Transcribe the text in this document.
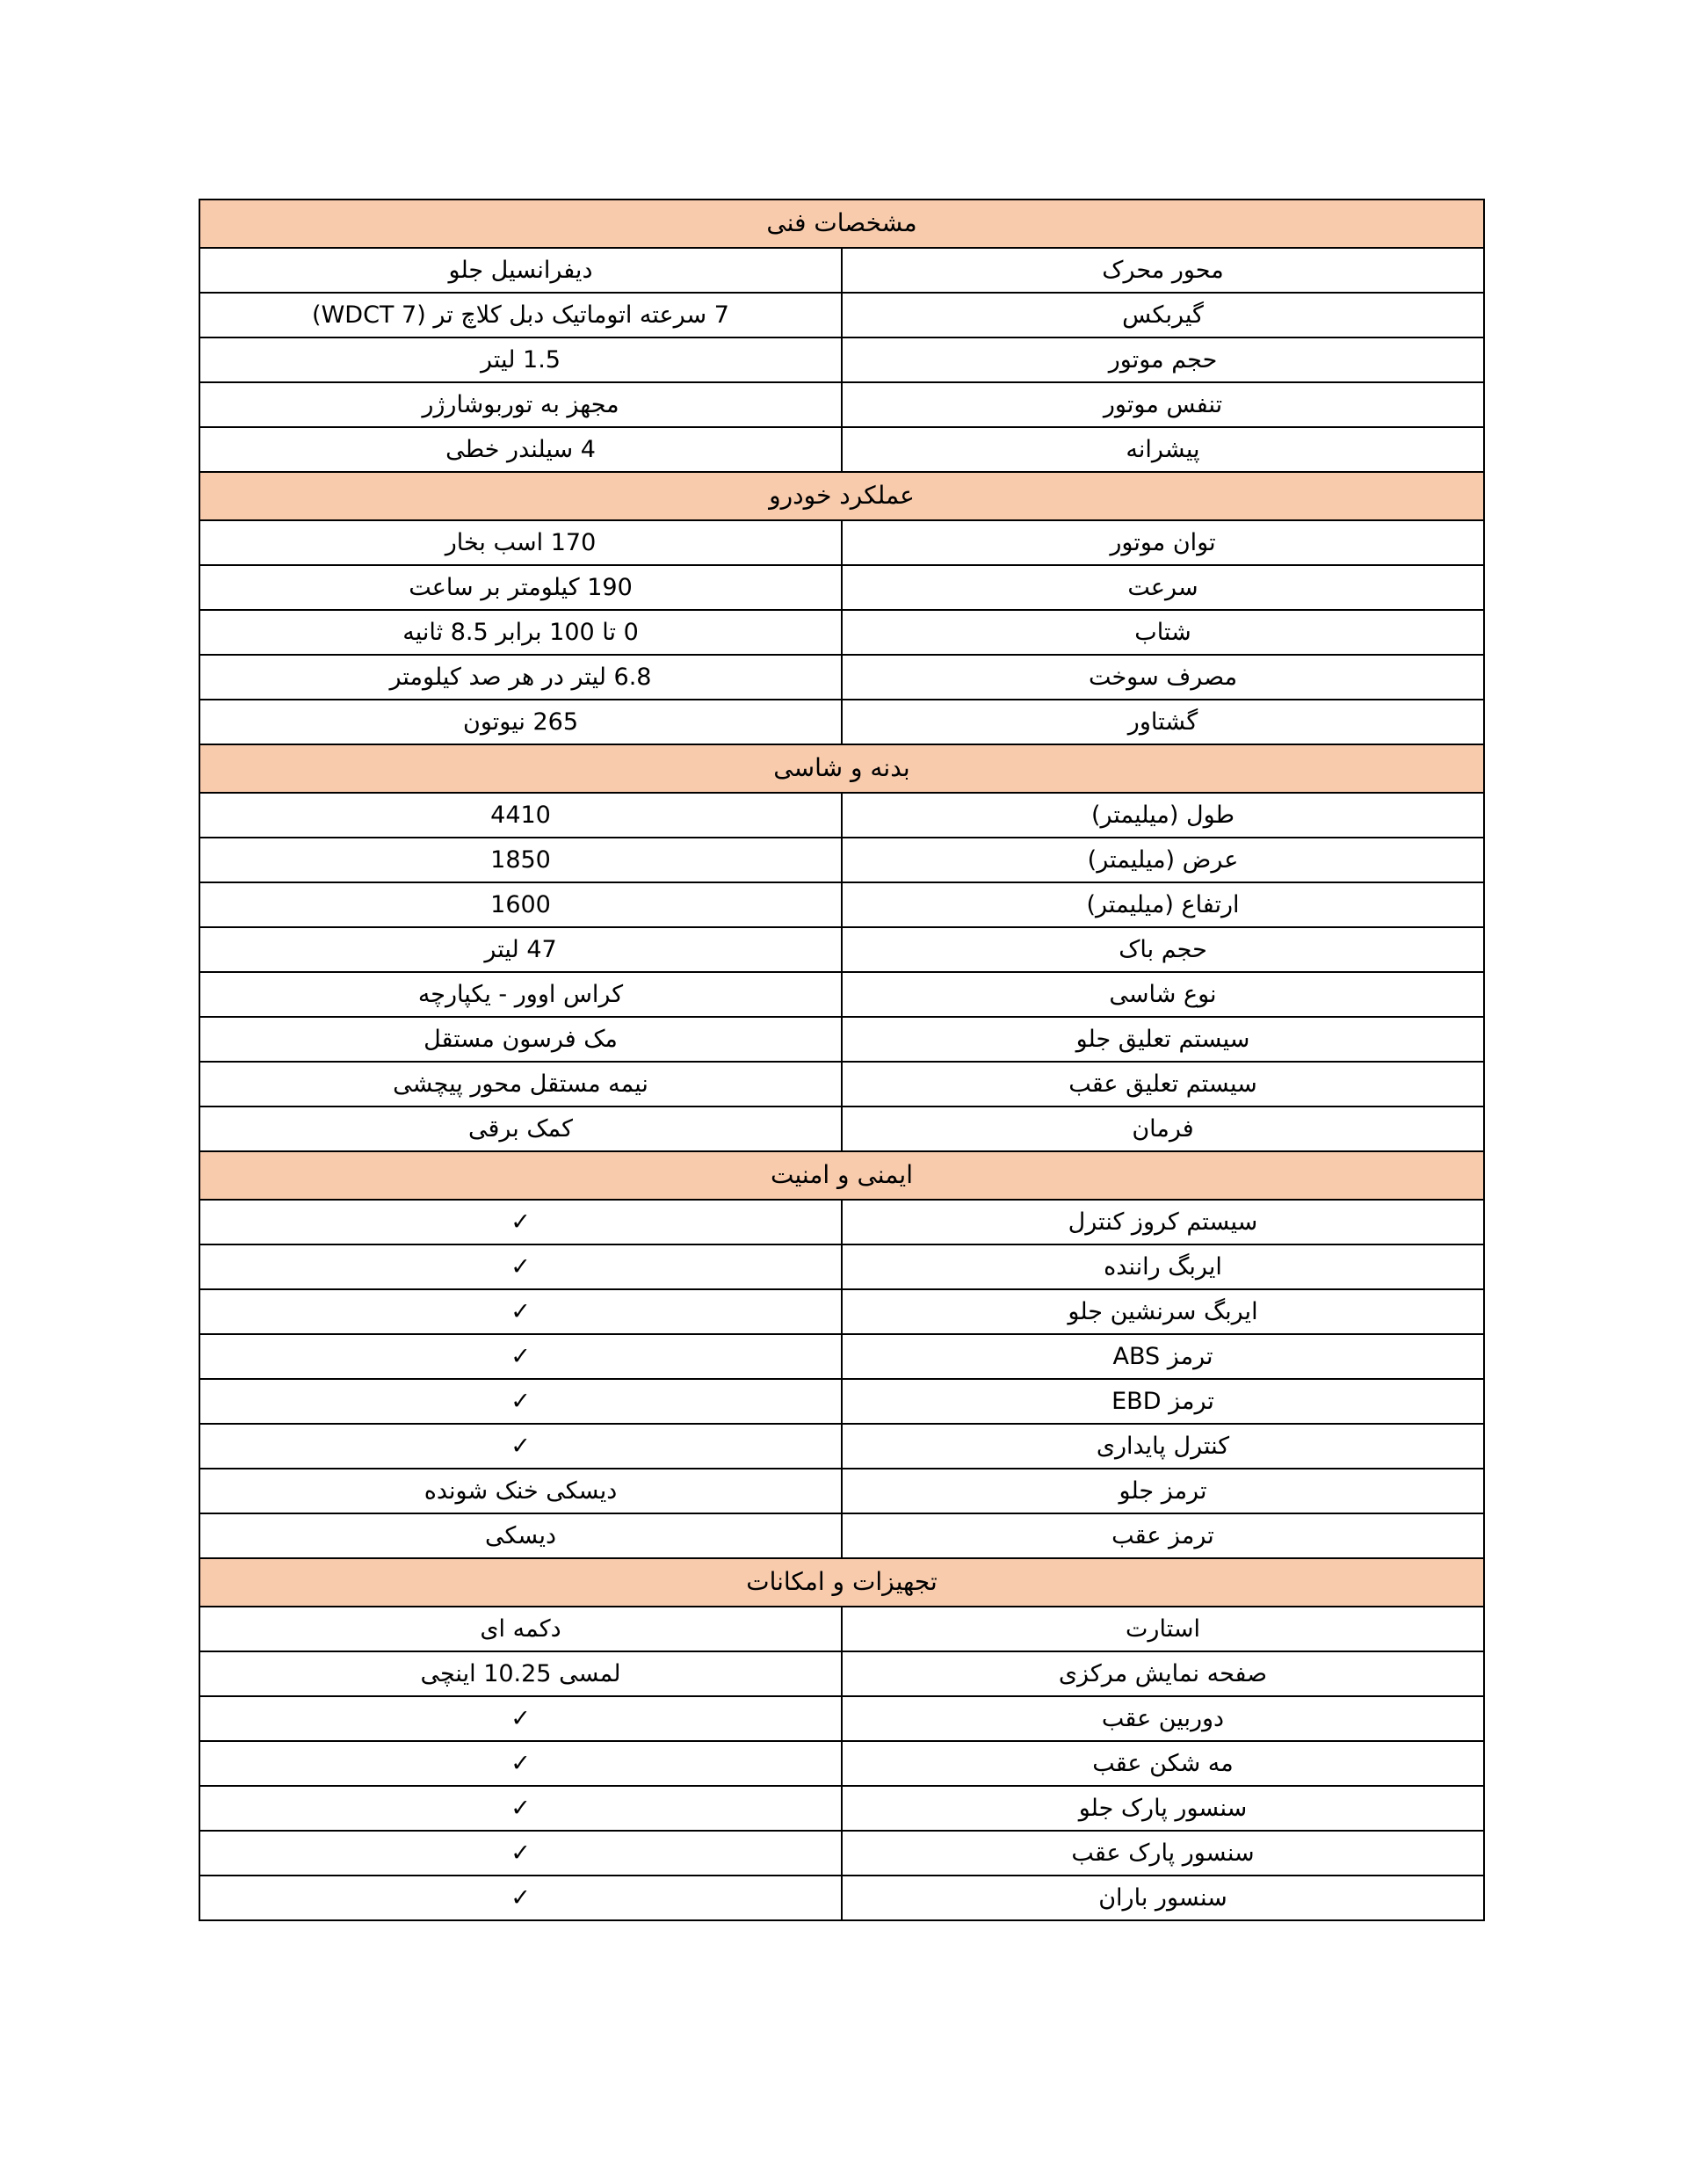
مشخصات فنی	
محور محرک	دیفرانسیل جلو
گیربکس	7 سرعته اتوماتیک دبل کلاچ تر (7 WDCT)
حجم موتور	1.5 لیتر
تنفس موتور	مجهز به توربوشارژر
پیشرانه	4 سیلندر خطی
عملکرد خودرو	
توان موتور	170 اسب بخار
سرعت	190 کیلومتر بر ساعت
شتاب	0 تا 100 برابر 8.5 ثانیه
مصرف سوخت	6.8 لیتر در هر صد کیلومتر
گشتاور	265 نیوتون
بدنه و شاسی	
طول (میلیمتر)	4410
عرض (میلیمتر)	1850
ارتفاع (میلیمتر)	1600
حجم باک	47 لیتر
نوع شاسی	کراس اوور - یکپارچه
سیستم تعلیق جلو	مک فرسون مستقل
سیستم تعلیق عقب	نیمه مستقل محور پیچشی
فرمان	کمک برقی
ایمنی و امنیت	
سیستم کروز کنترل	✓
ایربگ راننده	✓
ایربگ سرنشین جلو	✓
ترمز ABS	✓
ترمز EBD	✓
کنترل پایداری	✓
ترمز جلو	دیسکی خنک شونده
ترمز عقب	دیسکی
تجهیزات و امکانات	
استارت	دکمه ای
صفحه نمایش مرکزی	لمسی 10.25 اینچی
دوربین عقب	✓
مه شکن عقب	✓
سنسور پارک جلو	✓
سنسور پارک عقب	✓
سنسور باران	✓
